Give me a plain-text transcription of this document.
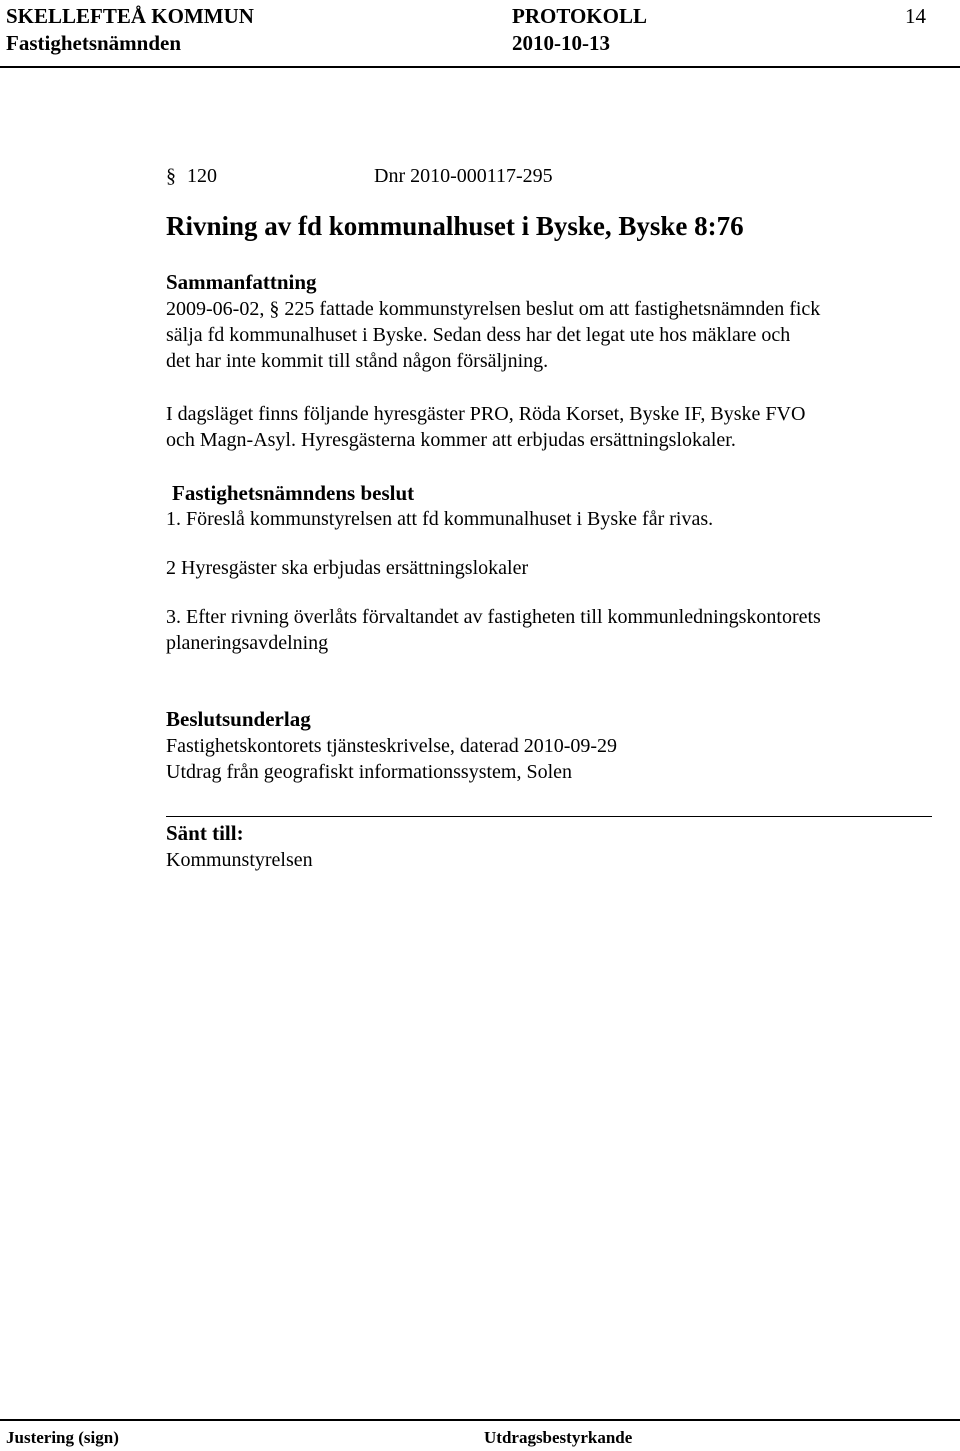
SKELLEFTEÅ KOMMUN	PROTOKOLL	14
Fastighetsnämnden	2010-10-13
§ 120	Dnr 2010-000117-295
Rivning av fd kommunalhuset i Byske, Byske 8:76
Sammanfattning
2009-06-02, § 225 fattade kommunstyrelsen beslut om att fastighetsnämnden fick
sälja fd kommunalhuset i Byske. Sedan dess har det legat ute hos mäklare och
det har inte kommit till stånd någon försäljning.
I dagsläget finns följande hyresgäster PRO, Röda Korset, Byske IF, Byske FVO
och Magn-Asyl. Hyresgästerna kommer att erbjudas ersättningslokaler.
Fastighetsnämndens beslut
1. Föreslå kommunstyrelsen att fd kommunalhuset i Byske får rivas.
2 Hyresgäster ska erbjudas ersättningslokaler
3. Efter rivning överlåts förvaltandet av fastigheten till kommunledningskontorets
planeringsavdelning
Beslutsunderlag
Fastighetskontorets tjänsteskrivelse, daterad 2010-09-29
Utdrag från geografiskt informationssystem, Solen
Sänt till:
Kommunstyrelsen
Justering (sign)	Utdragsbestyrkande
